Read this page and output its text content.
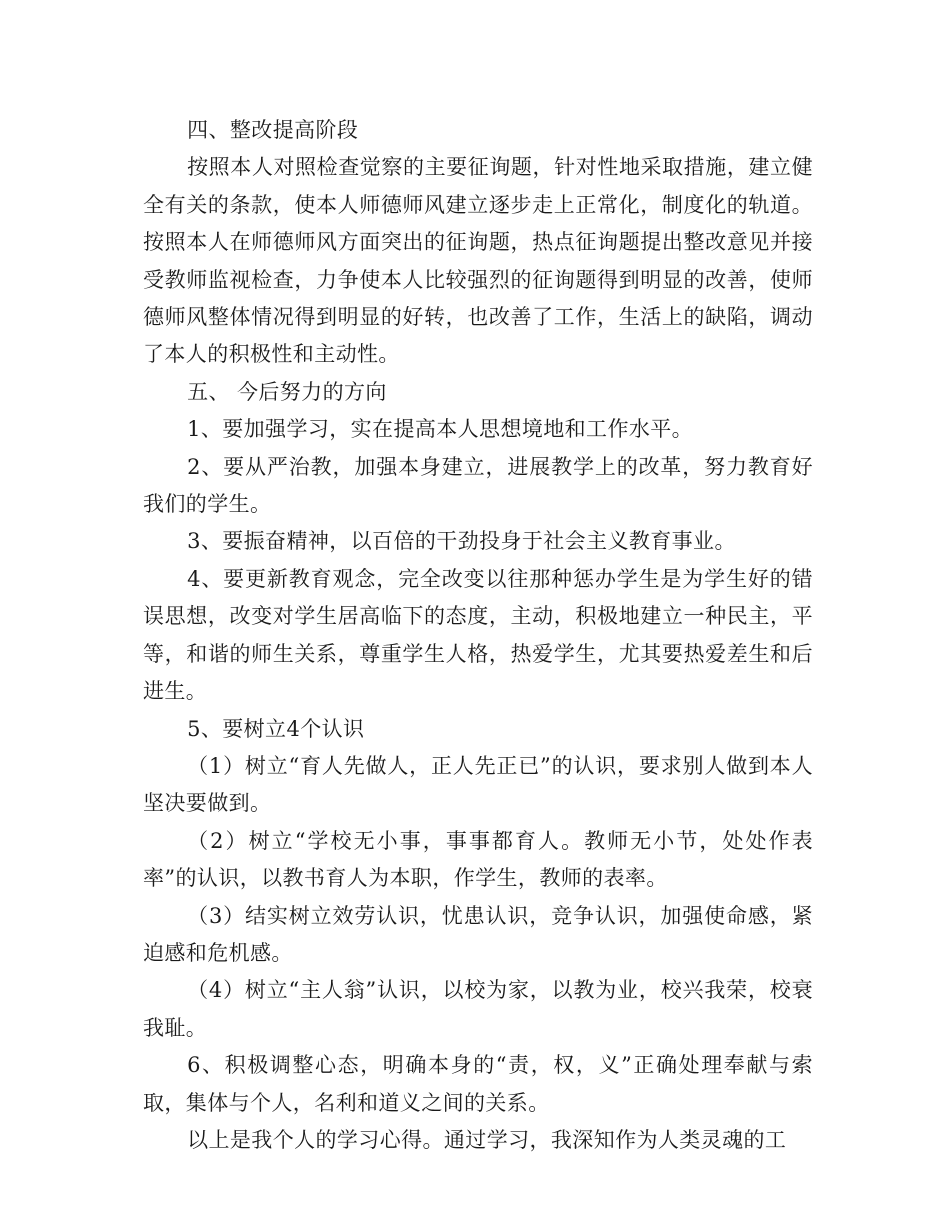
四、整改提高阶段

按照本人对照检查觉察的主要征询题，针对性地采取措施，建立健全有关的条款，使本人师德师风建立逐步走上正常化，制度化的轨道。按照本人在师德师风方面突出的征询题，热点征询题提出整改意见并接受教师监视检查，力争使本人比较强烈的征询题得到明显的改善，使师德师风整体情况得到明显的好转，也改善了工作，生活上的缺陷，调动了本人的积极性和主动性。

五、 今后努力的方向

1、要加强学习，实在提高本人思想境地和工作水平。

2、要从严治教，加强本身建立，进展教学上的改革，努力教育好我们的学生。

3、要振奋精神，以百倍的干劲投身于社会主义教育事业。

4、要更新教育观念，完全改变以往那种惩办学生是为学生好的错误思想，改变对学生居高临下的态度，主动，积极地建立一种民主，平等，和谐的师生关系，尊重学生人格，热爱学生，尤其要热爱差生和后进生。

5、要树立4个认识

（1）树立“育人先做人，正人先正已”的认识，要求别人做到本人坚决要做到。

（2）树立“学校无小事，事事都育人。教师无小节，处处作表率”的认识，以教书育人为本职，作学生，教师的表率。

（3）结实树立效劳认识，忧患认识，竞争认识，加强使命感，紧迫感和危机感。

（4）树立“主人翁”认识，以校为家，以教为业，校兴我荣，校衰我耻。

6、积极调整心态，明确本身的“责，权，义”正确处理奉献与索取，集体与个人，名利和道义之间的关系。

以上是我个人的学习心得。通过学习，我深知作为人类灵魂的工
